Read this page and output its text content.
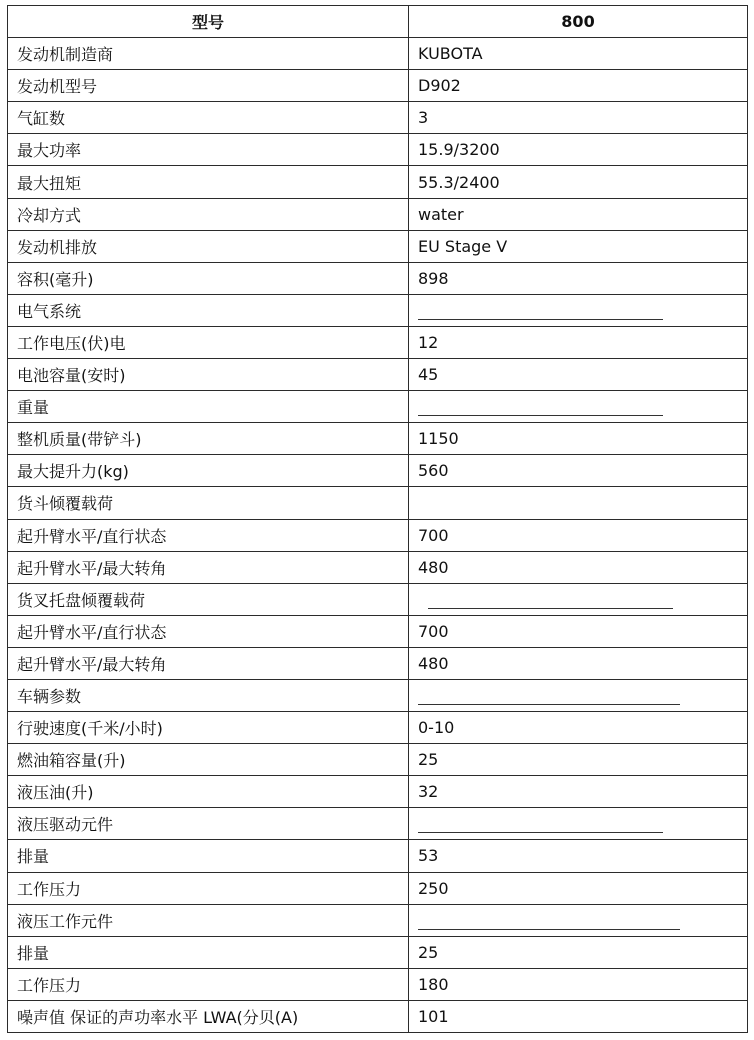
型号	800
发动机制造商	KUBOTA
发动机型号	D902
气缸数	3
最大功率	15.9/3200
最大扭矩	55.3/2400
冷却方式	water
发动机排放	EU Stage V
容积(毫升)	898
电气系统	
工作电压(伏)电	12
电池容量(安时)	45
重量	
整机质量(带铲斗)	1150
最大提升力(kg)	560
货斗倾覆载荷	
起升臂水平/直行状态	700
起升臂水平/最大转角	480
货叉托盘倾覆载荷	
起升臂水平/直行状态	700
起升臂水平/最大转角	480
车辆参数	
行驶速度(千米/小时)	0-10
燃油箱容量(升)	25
液压油(升)	32
液压驱动元件	
排量	53
工作压力	250
液压工作元件	
排量	25
工作压力	180
噪声值 保证的声功率水平 LWA(分贝(A)	101
